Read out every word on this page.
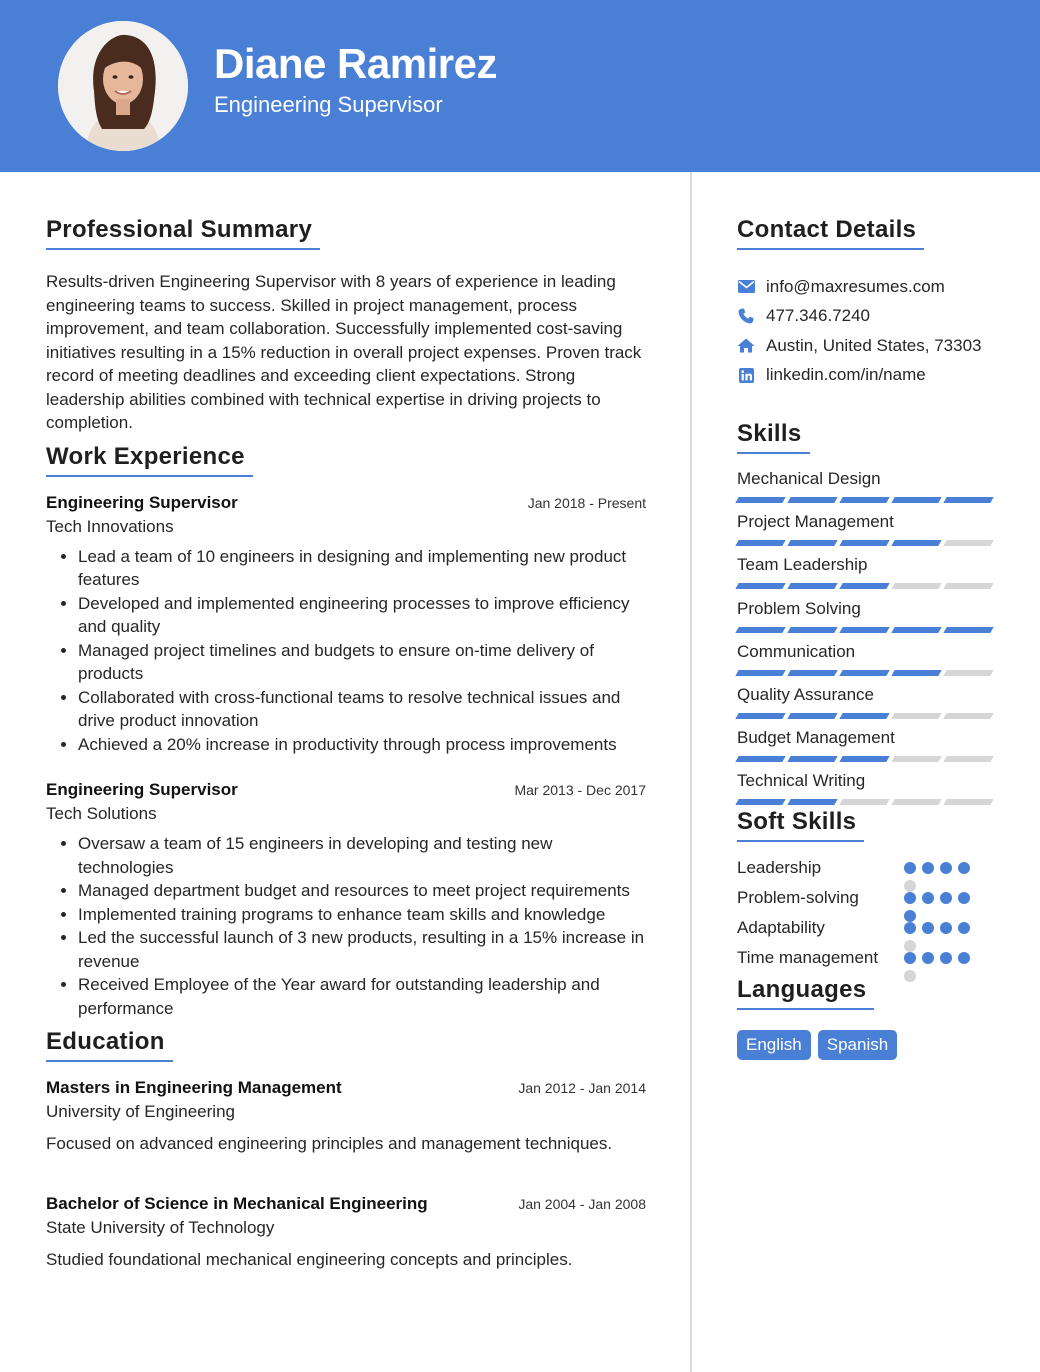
Diane Ramirez
Engineering Supervisor
Professional Summary

Results-driven Engineering Supervisor with 8 years of experience in leading engineering teams to success. Skilled in project management, process improvement, and team collaboration. Successfully implemented cost-saving initiatives resulting in a 15% reduction in overall project expenses. Proven track record of meeting deadlines and exceeding client expectations. Strong leadership abilities combined with technical expertise in driving projects to completion.

Work Experience
Engineering Supervisor	Jan 2018 - Present
Tech Innovations
• Lead a team of 10 engineers in designing and implementing new product features
• Developed and implemented engineering processes to improve efficiency and quality
• Managed project timelines and budgets to ensure on-time delivery of products
• Collaborated with cross-functional teams to resolve technical issues and drive product innovation
• Achieved a 20% increase in productivity through process improvements
Engineering Supervisor	Mar 2013 - Dec 2017
Tech Solutions
• Oversaw a team of 15 engineers in developing and testing new technologies
• Managed department budget and resources to meet project requirements
• Implemented training programs to enhance team skills and knowledge
• Led the successful launch of 3 new products, resulting in a 15% increase in revenue
• Received Employee of the Year award for outstanding leadership and performance
Education
Masters in Engineering Management	Jan 2012 - Jan 2014
University of Engineering
Focused on advanced engineering principles and management techniques.
Bachelor of Science in Mechanical Engineering	Jan 2004 - Jan 2008
State University of Technology
Studied foundational mechanical engineering concepts and principles.
Contact Details
info@maxresumes.com
477.346.7240
Austin, United States, 73303
linkedin.com/in/name
Skills
Mechanical Design
Project Management
Team Leadership
Problem Solving
Communication
Quality Assurance
Budget Management
Technical Writing
Soft Skills
Leadership
Problem-solving
Adaptability
Time management
Languages
English	Spanish
